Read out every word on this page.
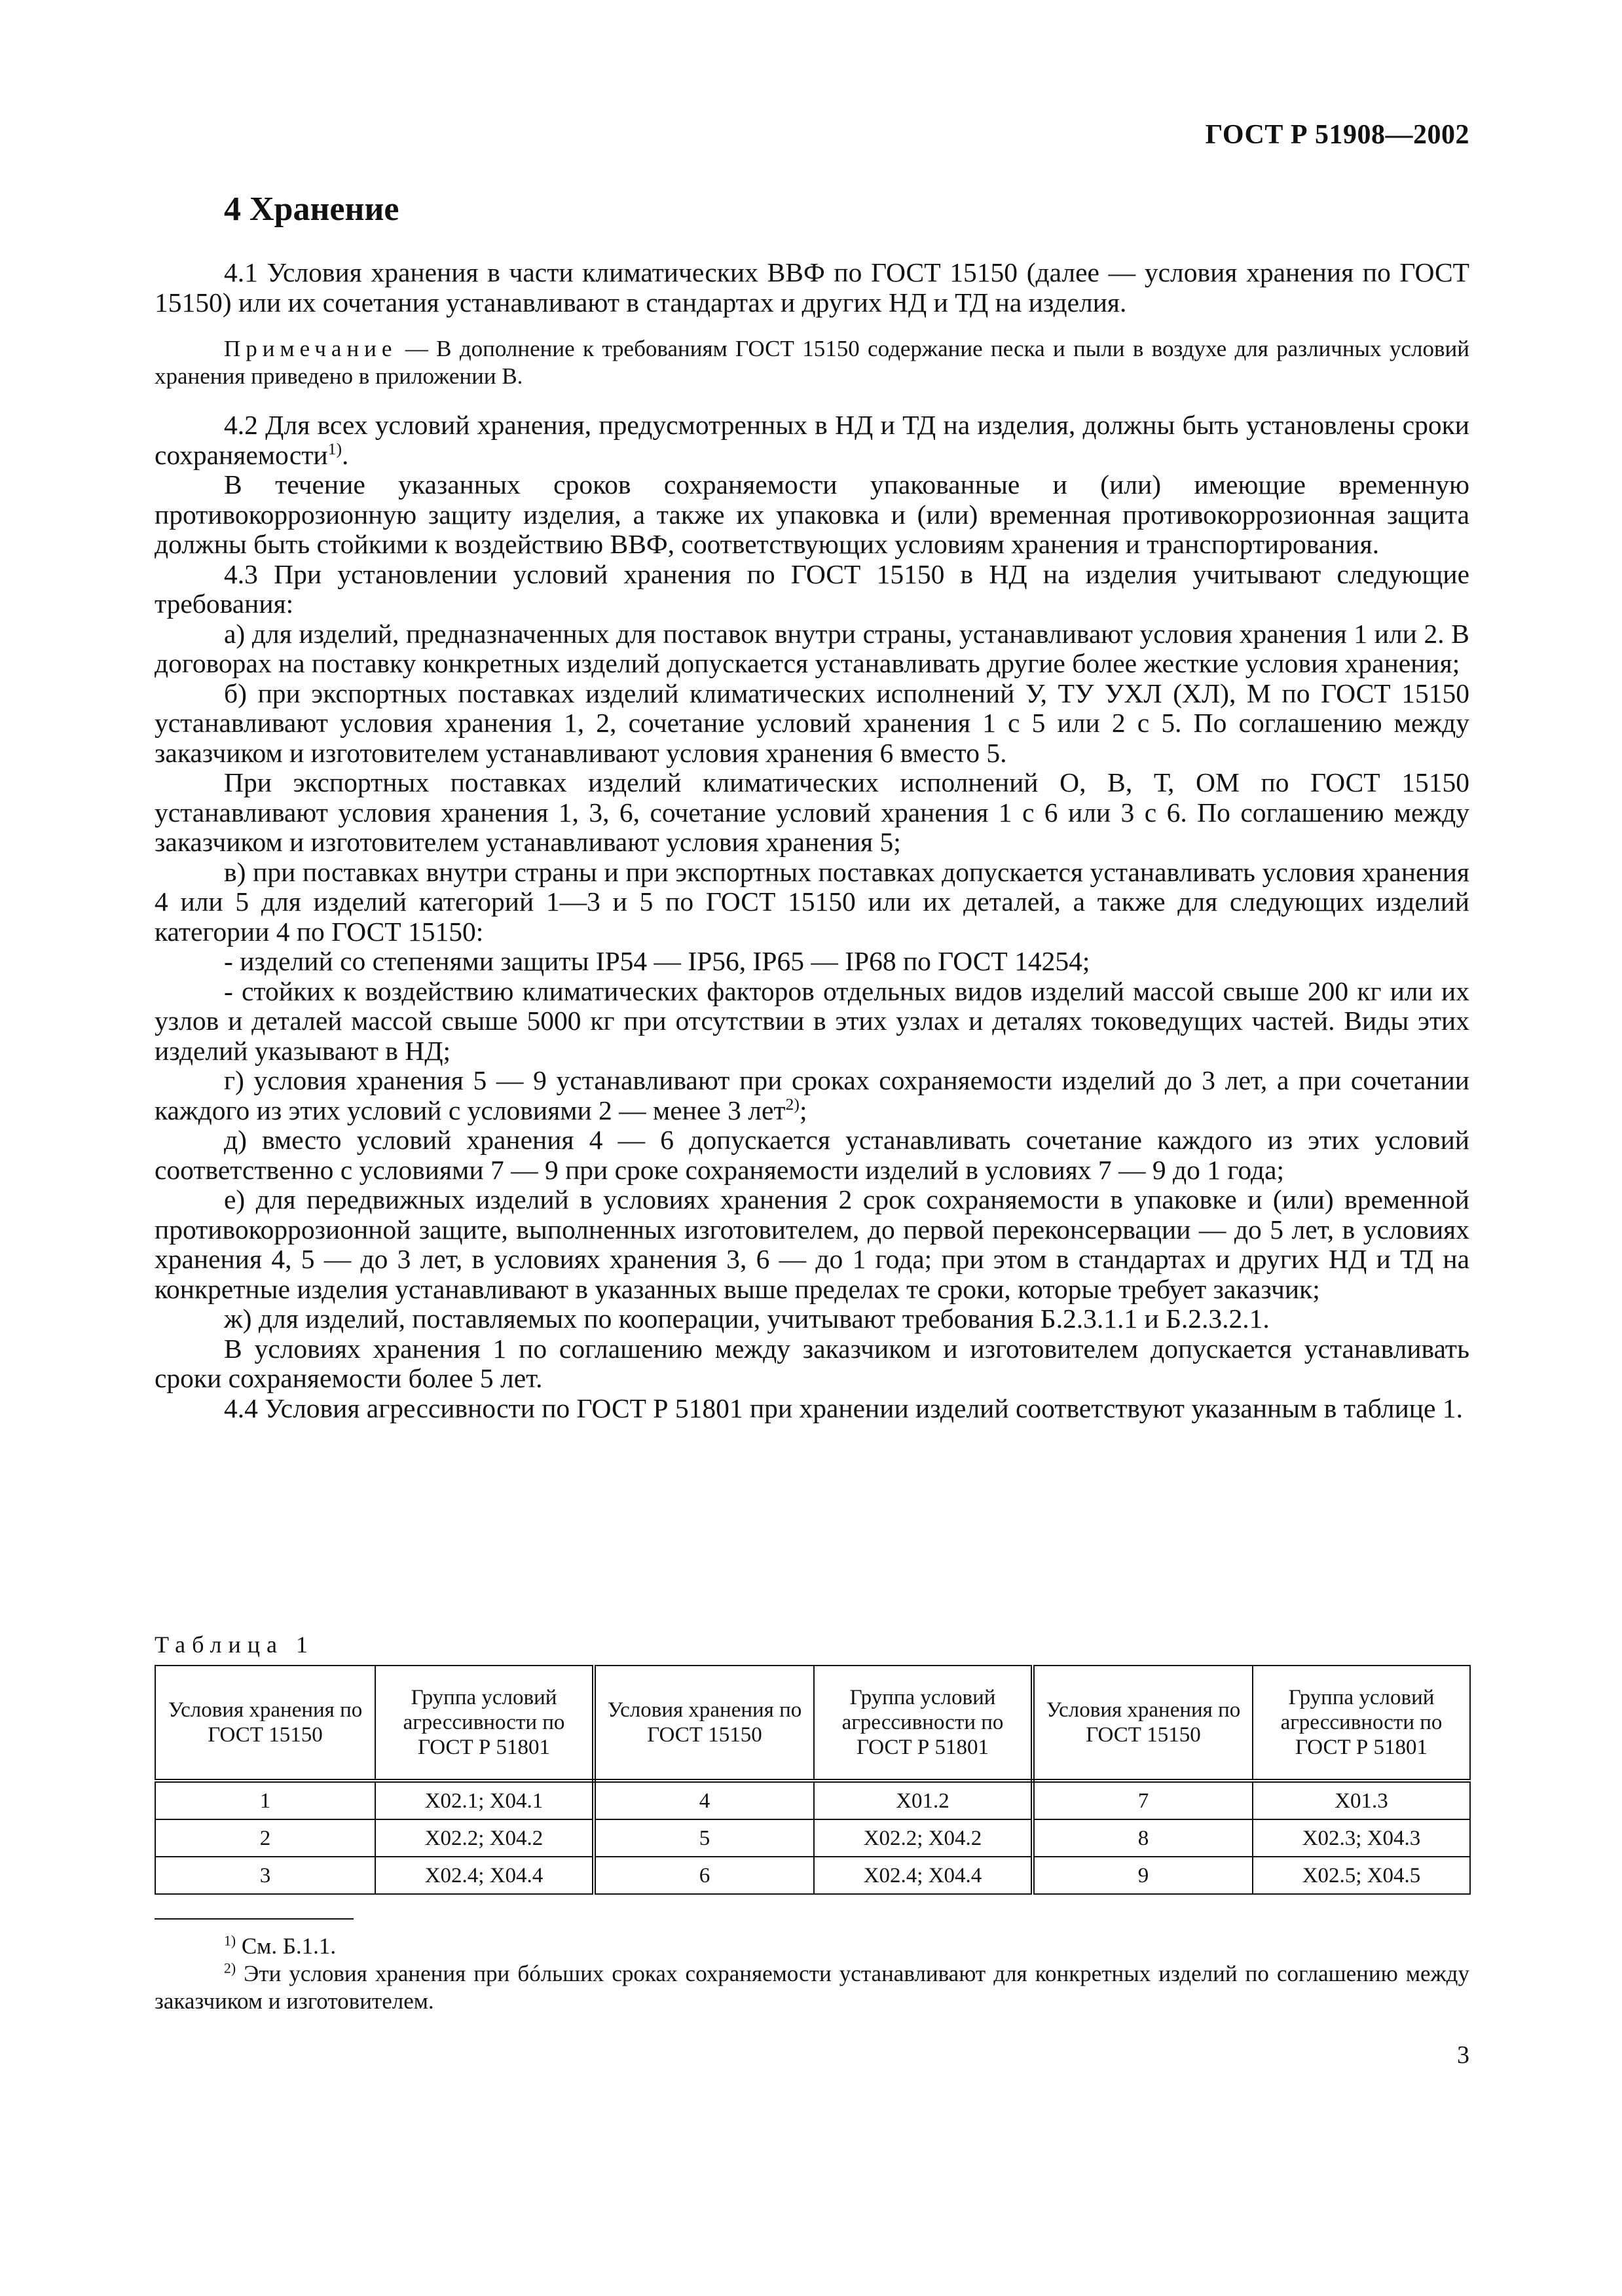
ГОСТ Р 51908—2002
4 Хранение

4.1 Условия хранения в части климатических ВВФ по ГОСТ 15150 (далее — условия хранения по ГОСТ 15150) или их сочетания устанавливают в стандартах и других НД и ТД на изделия.

Примечание — В дополнение к требованиям ГОСТ 15150 содержание песка и пыли в воздухе для различных условий хранения приведено в приложении В.

4.2 Для всех условий хранения, предусмотренных в НД и ТД на изделия, должны быть установлены сроки сохраняемости$^{1)}$.

В течение указанных сроков сохраняемости упакованные и (или) имеющие временную противокоррозионную защиту изделия, а также их упаковка и (или) временная противокоррозионная защита должны быть стойкими к воздействию ВВФ, соответствующих условиям хранения и транспортирования.

4.3 При установлении условий хранения по ГОСТ 15150 в НД на изделия учитывают следующие требования:

а) для изделий, предназначенных для поставок внутри страны, устанавливают условия хранения 1 или 2. В договорах на поставку конкретных изделий допускается устанавливать другие более жесткие условия хранения;

б) при экспортных поставках изделий климатических исполнений У, ТУ УХЛ (ХЛ), М по ГОСТ 15150 устанавливают условия хранения 1, 2, сочетание условий хранения 1 с 5 или 2 с 5. По соглашению между заказчиком и изготовителем устанавливают условия хранения 6 вместо 5.

При экспортных поставках изделий климатических исполнений О, В, Т, ОМ по ГОСТ 15150 устанавливают условия хранения 1, 3, 6, сочетание условий хранения 1 с 6 или 3 с 6. По соглашению между заказчиком и изготовителем устанавливают условия хранения 5;

в) при поставках внутри страны и при экспортных поставках допускается устанавливать условия хранения 4 или 5 для изделий категорий 1—3 и 5 по ГОСТ 15150 или их деталей, а также для следующих изделий категории 4 по ГОСТ 15150:

- изделий со степенями защиты IP54 — IP56, IP65 — IP68 по ГОСТ 14254;

- стойких к воздействию климатических факторов отдельных видов изделий массой свыше 200 кг или их узлов и деталей массой свыше 5000 кг при отсутствии в этих узлах и деталях токоведущих частей. Виды этих изделий указывают в НД;

г) условия хранения 5 — 9 устанавливают при сроках сохраняемости изделий до 3 лет, а при сочетании каждого из этих условий с условиями 2 — менее 3 лет$^{2)}$;

д) вместо условий хранения 4 — 6 допускается устанавливать сочетание каждого из этих условий соответственно с условиями 7 — 9 при сроке сохраняемости изделий в условиях 7 — 9 до 1 года;

е) для передвижных изделий в условиях хранения 2 срок сохраняемости в упаковке и (или) временной противокоррозионной защите, выполненных изготовителем, до первой переконсервации — до 5 лет, в условиях хранения 4, 5 — до 3 лет, в условиях хранения 3, 6 — до 1 года; при этом в стандартах и других НД и ТД на конкретные изделия устанавливают в указанных выше пределах те сроки, которые требует заказчик;

ж) для изделий, поставляемых по кооперации, учитывают требования Б.2.3.1.1 и Б.2.3.2.1.

В условиях хранения 1 по соглашению между заказчиком и изготовителем допускается устанавливать сроки сохраняемости более 5 лет.

4.4 Условия агрессивности по ГОСТ Р 51801 при хранении изделий соответствуют указанным в таблице 1.

Таблица 1
Условия хранения по ГОСТ 15150	Группа условий агрессивности по ГОСТ Р 51801	Условия хранения по ГОСТ 15150	Группа условий агрессивности по ГОСТ Р 51801	Условия хранения по ГОСТ 15150	Группа условий агрессивности по ГОСТ Р 51801
1	Х02.1; Х04.1	4	Х01.2	7	Х01.3
2	Х02.2; Х04.2	5	Х02.2; Х04.2	8	Х02.3; Х04.3
3	Х02.4; Х04.4	6	Х02.4; Х04.4	9	Х02.5; Х04.5

$^{1)}$ См. Б.1.1.

$^{2)}$ Эти условия хранения при бóльших сроках сохраняемости устанавливают для конкретных изделий по соглашению между заказчиком и изготовителем.

3
